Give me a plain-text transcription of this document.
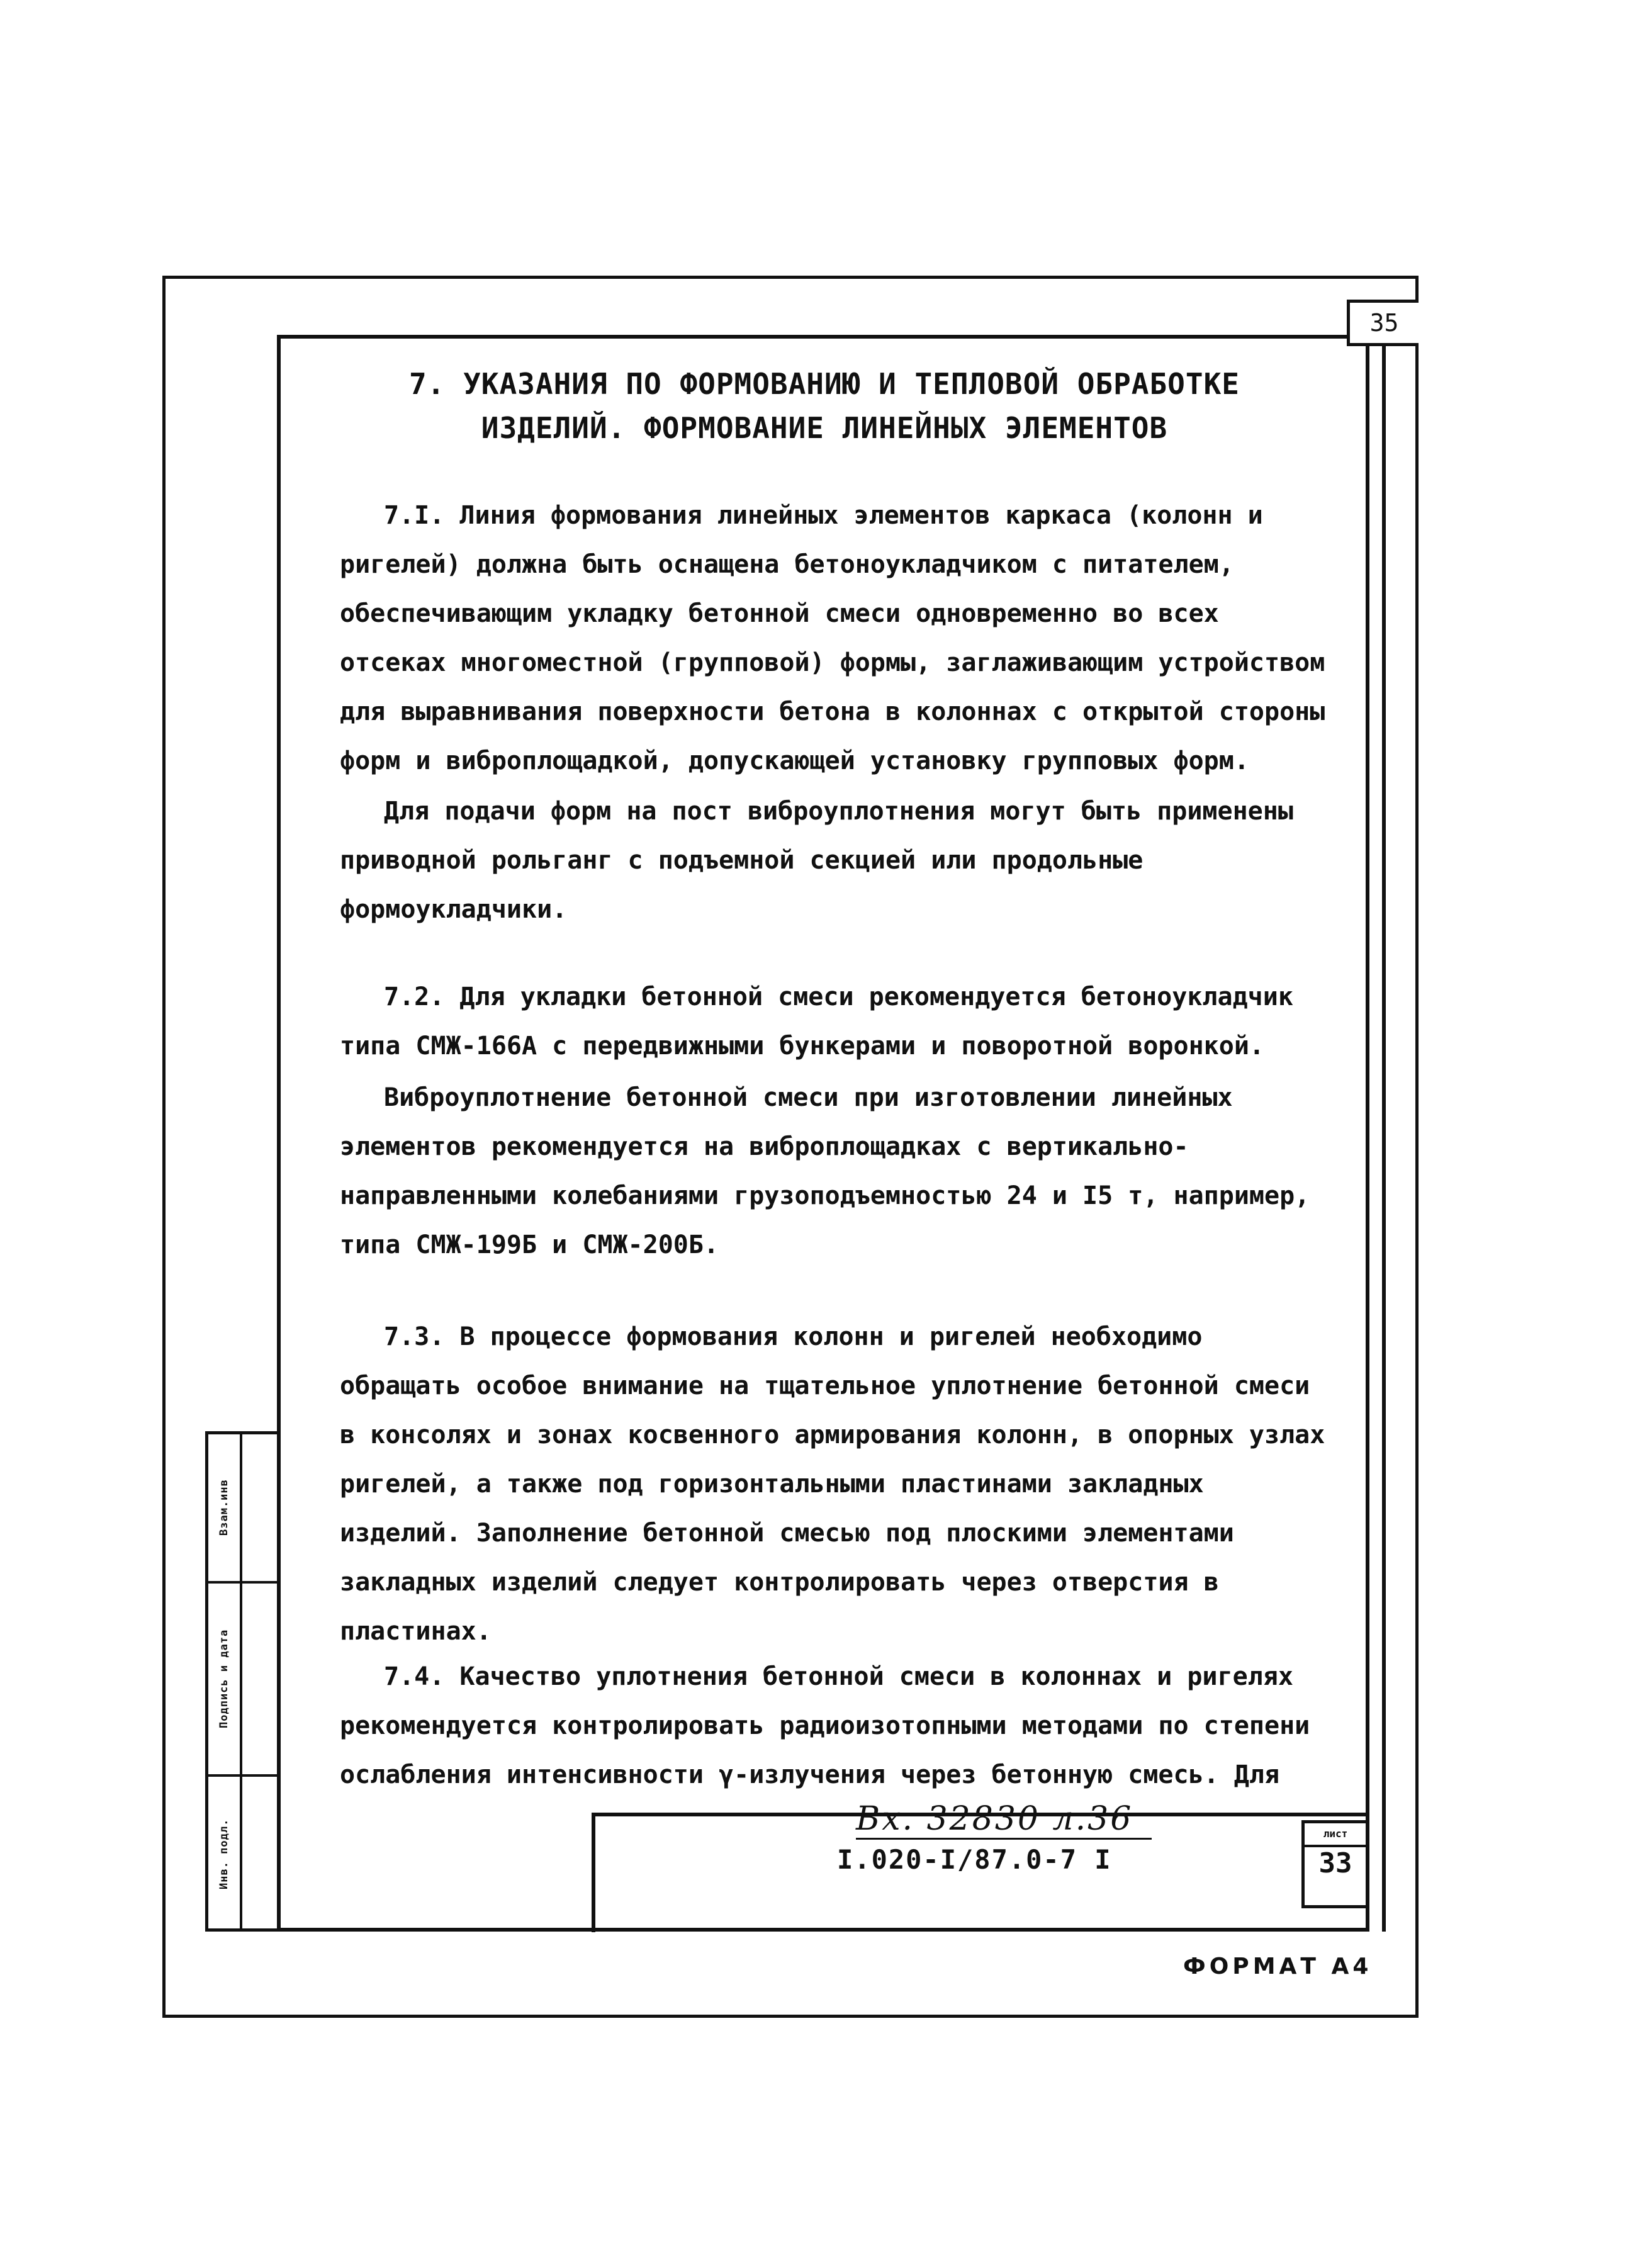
35
Взам.инв
Подпись и дата
Инв. подл.
7. УКАЗАНИЯ ПО ФОРМОВАНИЮ И ТЕПЛОВОЙ ОБРАБОТКЕ
ИЗДЕЛИЙ. ФОРМОВАНИЕ ЛИНЕЙНЫХ ЭЛЕМЕНТОВ

7.I. Линия формования линейных элементов каркаса (колонн и ригелей) должна быть оснащена бетоноукладчиком с питателем, обеспечивающим укладку бетонной смеси одновременно во всех отсеках многоместной (групповой) формы, заглаживающим устройством для выравнивания поверхности бетона в колоннах с открытой стороны форм и виброплощадкой, допускающей установку групповых форм.

Для подачи форм на пост виброуплотнения могут быть применены приводной рольганг с подъемной секцией или продольные формоукладчики.

7.2. Для укладки бетонной смеси рекомендуется бетоноукладчик типа СМЖ-166А с передвижными бункерами и поворотной воронкой.

Виброуплотнение бетонной смеси при изготовлении линейных элементов рекомендуется на виброплощадках с вертикально-направленными колебаниями грузоподъемностью 24 и I5 т, например, типа СМЖ-199Б и СМЖ-200Б.

7.3. В процессе формования колонн и ригелей необходимо обращать особое внимание на тщательное уплотнение бетонной смеси в консолях и зонах косвенного армирования колонн, в опорных узлах ригелей, а также под горизонтальными пластинами закладных изделий. Заполнение бетонной смесью под плоскими элементами закладных изделий следует контролировать через отверстия в пластинах.

7.4. Качество уплотнения бетонной смеси в колоннах и ригелях рекомендуется контролировать радиоизотопными методами по степени ослабления интенсивности γ-излучения через бетонную смесь. Для

Вх. 32830 л.36
I.020-I/87.0-7 I
лист
33
ФОРМАТ А4
